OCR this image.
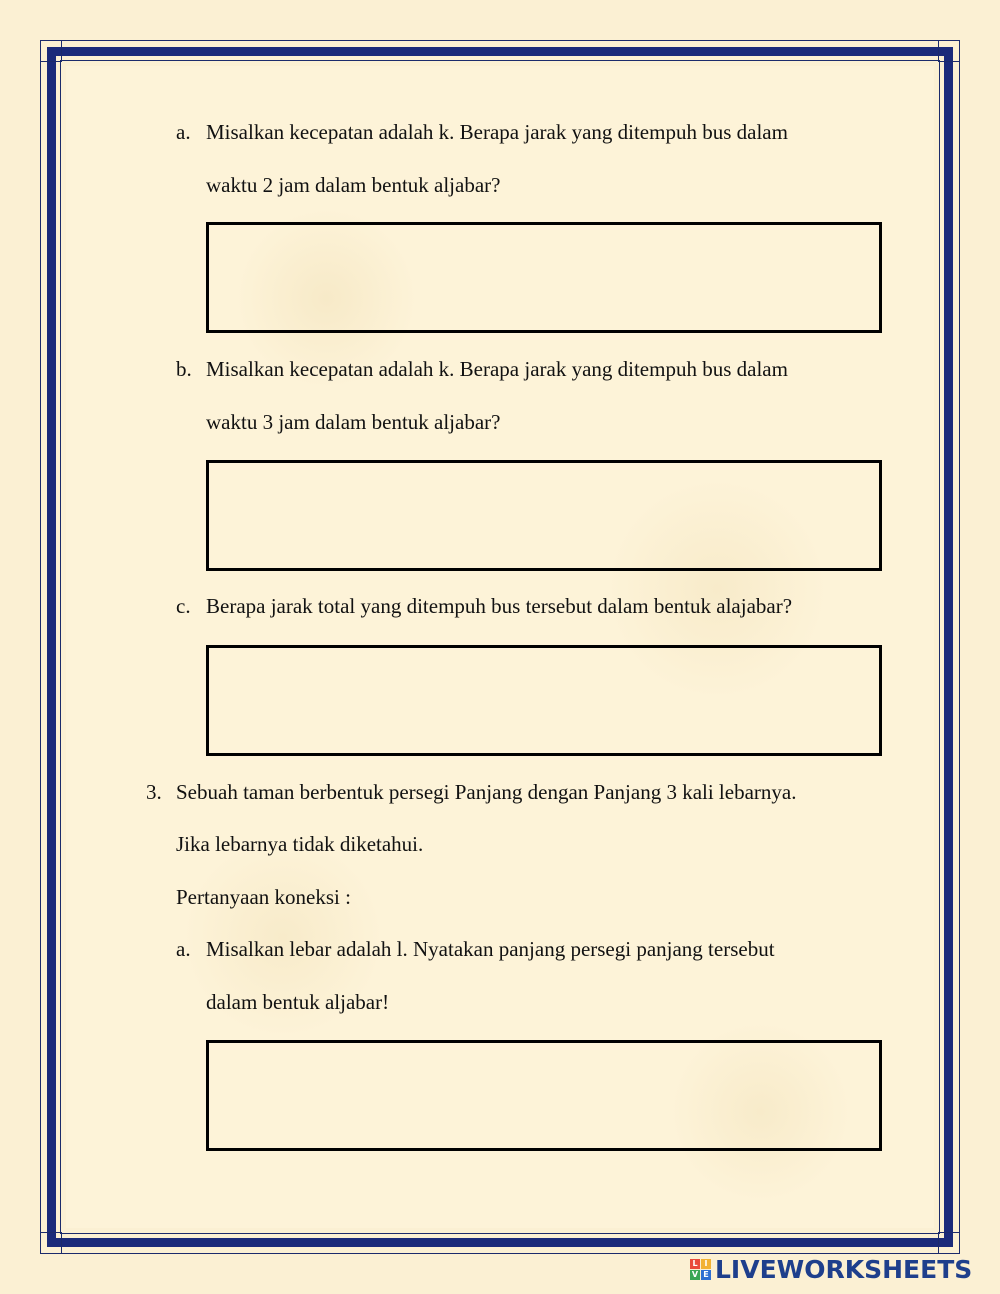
a. Misalkan kecepatan adalah k. Berapa jarak yang ditempuh bus dalam
waktu 2 jam dalam bentuk aljabar?
b. Misalkan kecepatan adalah k. Berapa jarak yang ditempuh bus dalam
waktu 3 jam dalam bentuk aljabar?
c. Berapa jarak total yang ditempuh bus tersebut dalam bentuk alajabar?
3. Sebuah taman berbentuk persegi Panjang dengan Panjang 3 kali lebarnya.
Jika lebarnya tidak diketahui.
Pertanyaan koneksi :
a. Misalkan lebar adalah l. Nyatakan panjang persegi panjang tersebut
dalam bentuk aljabar!
L I
V E LIVEWORKSHEETS
